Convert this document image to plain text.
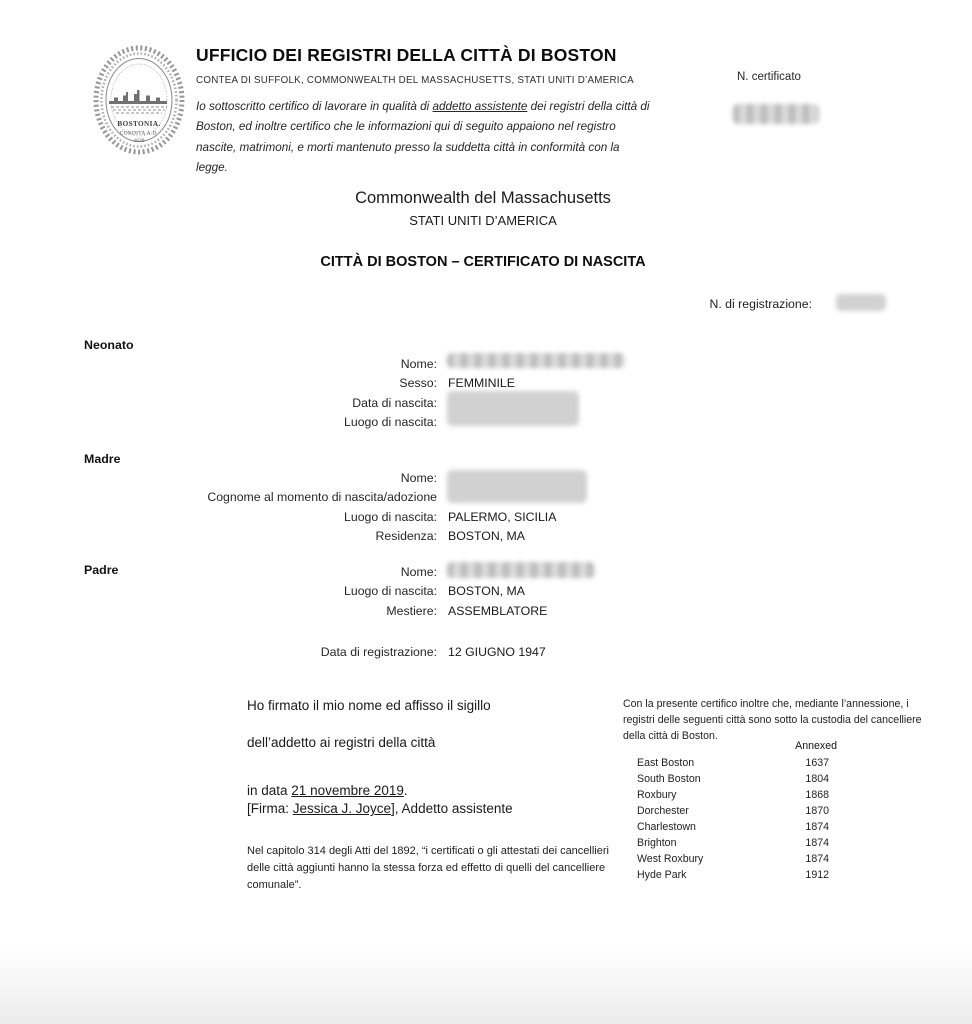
BOSTONIA.
CONDITA A.D.
1630
UFFICIO DEI REGISTRI DELLA CITTÀ DI BOSTON
CONTEA DI SUFFOLK, COMMONWEALTH DEL MASSACHUSETTS, STATI UNITI D’AMERICA	N. certificato
Io sottoscritto certifico di lavorare in qualità di addetto assistente dei registri della città di Boston, ed inoltre certifico che le informazioni qui di seguito appaiono nel registro nascite, matrimoni, e morti mantenuto presso la suddetta città in conformità con la legge.
Commonwealth del Massachusetts
STATI UNITI D’AMERICA
CITTÀ DI BOSTON – CERTIFICATO DI NASCITA
N. di registrazione:
Neonato
Nome:
Sesso: FEMMINILE
Data di nascita:
Luogo di nascita:
Madre
Nome:
Cognome al momento di nascita/adozione
Luogo di nascita: PALERMO, SICILIA
Residenza: BOSTON, MA
Padre	Nome:
Luogo di nascita: BOSTON, MA
Mestiere: ASSEMBLATORE
Data di registrazione: 12 GIUGNO 1947
Ho firmato il mio nome ed affisso il sigillo
dell’addetto ai registri della città
in data 21 novembre 2019.
[Firma: Jessica J. Joyce], Addetto assistente
Nel capitolo 314 degli Atti del 1892, “i certificati o gli attestati dei cancellieri delle città aggiunti hanno la stessa forza ed effetto di quelli del cancelliere comunale”.
Con la presente certifico inoltre che, mediante l’annessione, i registri delle seguenti città sono sotto la custodia del cancelliere della città di Boston.
Annexed
East Boston	1637
South Boston	1804
Roxbury	1868
Dorchester	1870
Charlestown	1874
Brighton	1874
West Roxbury	1874
Hyde Park	1912
